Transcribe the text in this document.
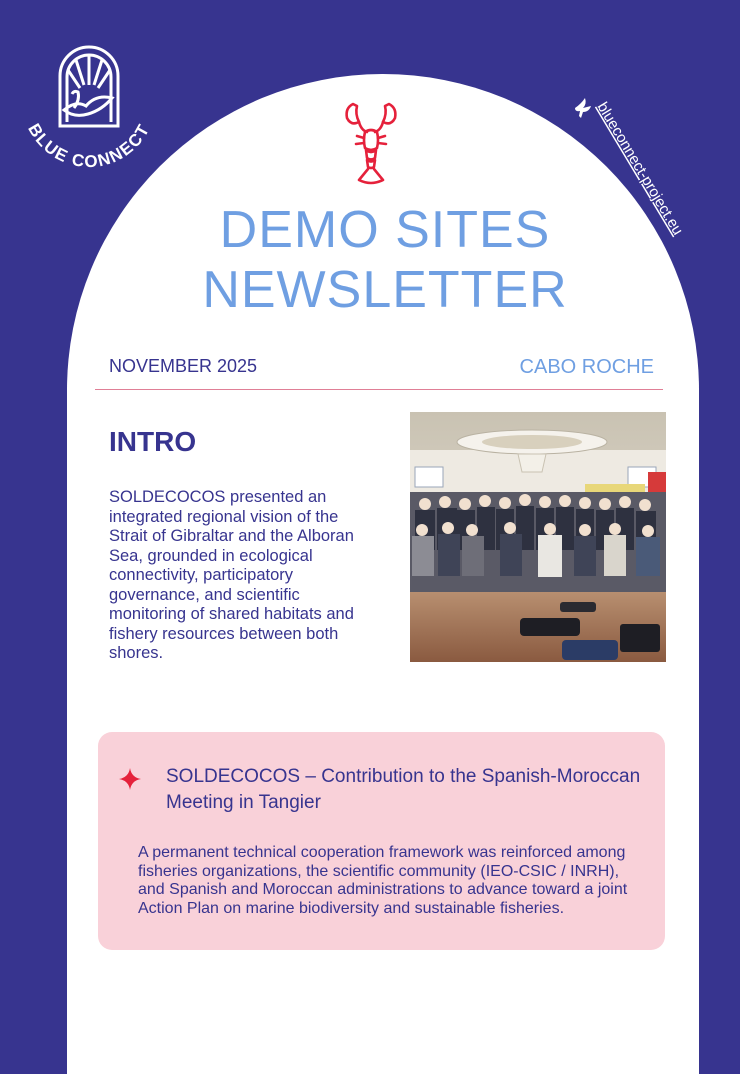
BLUE CONNECT	blueconnect-project.eu
DEMO SITES
NEWSLETTER
NOVEMBER 2025	CABO ROCHE
INTRO
SOLDECOCOS presented an integrated regional vision of the Strait of Gibraltar and the Alboran Sea, grounded in ecological connectivity, participatory governance, and scientific monitoring of shared habitats and fishery resources between both shores.
SOLDECOCOS – Contribution to the Spanish-Moroccan Meeting in Tangier
A permanent technical cooperation framework was reinforced among fisheries organizations, the scientific community (IEO-CSIC / INRH), and Spanish and Moroccan administrations to advance toward a joint Action Plan on marine biodiversity and sustainable fisheries.
